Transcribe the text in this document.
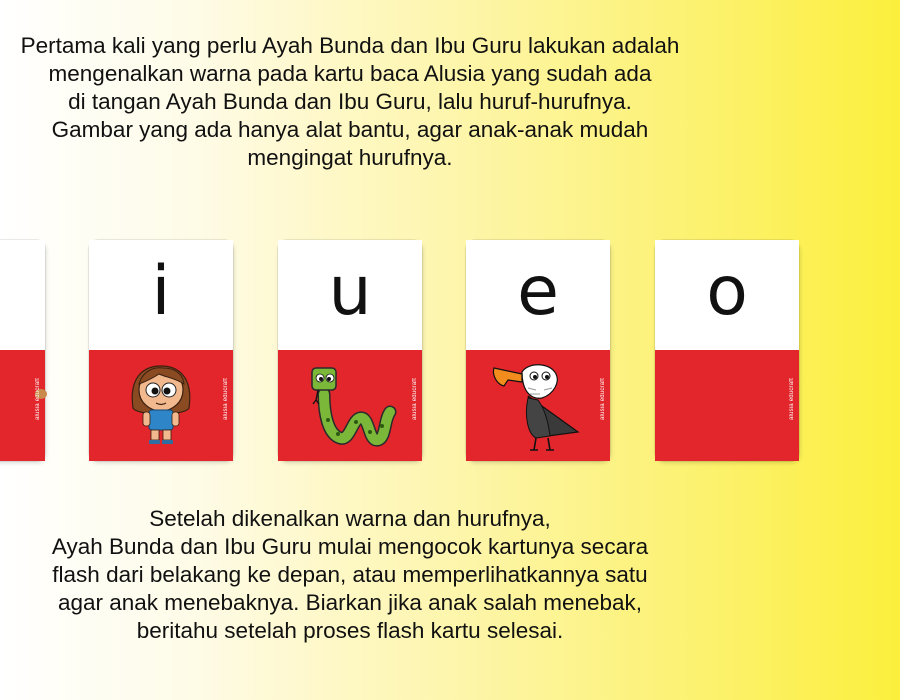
Pertama kali yang perlu Ayah Bunda dan Ibu Guru lakukan adalah
mengenalkan warna pada kartu baca Alusia yang sudah ada
di tangan Ayah Bunda dan Ibu Guru, lalu huruf-hurufnya.
Gambar yang ada hanya alat bantu, agar anak-anak mudah
mengingat hurufnya.
alusia educraft
i
alusia educraft
u
alusia educraft
e
alusia educraft
o
alusia educraft
Setelah dikenalkan warna dan hurufnya,
Ayah Bunda dan Ibu Guru mulai mengocok kartunya secara
flash dari belakang ke depan, atau memperlihatkannya satu
agar anak menebaknya. Biarkan jika anak salah menebak,
beritahu setelah proses flash kartu selesai.
